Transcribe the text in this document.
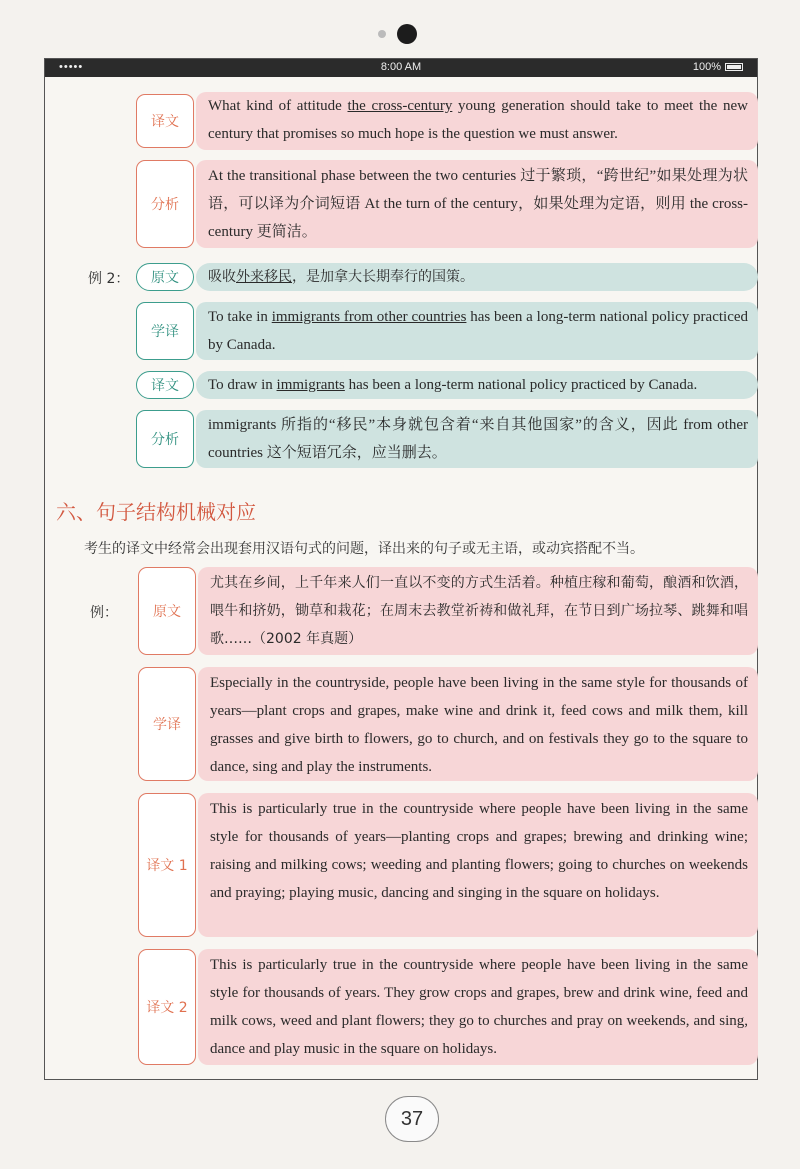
•••••	8:00 AM	100%
译文
What kind of attitude the cross-century young generation should take to meet the new century that promises so much hope is the question we must answer.
分析
At the transitional phase between the two centuries 过于繁琐，“跨世纪”如果处理为状语，可以译为介词短语 At the turn of the century，如果处理为定语，则用 the cross-century 更简洁。
例 2：	原文	吸收外来移民，是加拿大长期奉行的国策。
学译
To take in immigrants from other countries has been a long-term national policy practiced by Canada.
译文	To draw in immigrants has been a long-term national policy practiced by Canada.
分析
immigrants 所指的“移民”本身就包含着“来自其他国家”的含义，因此 from other countries 这个短语冗余，应当删去。
六、句子结构机械对应
考生的译文中经常会出现套用汉语句式的问题，译出来的句子或无主语，或动宾搭配不当。
例：	原文
尤其在乡间，上千年来人们一直以不变的方式生活着。种植庄稼和葡萄，酿酒和饮酒，喂牛和挤奶，锄草和栽花；在周末去教堂祈祷和做礼拜，在节日到广场拉琴、跳舞和唱歌……（2002 年真题）
学译
Especially in the countryside, people have been living in the same style for thousands of years—plant crops and grapes, make wine and drink it, feed cows and milk them, kill grasses and give birth to flowers, go to church, and on festivals they go to the square to dance, sing and play the instruments.
译文 1
This is particularly true in the countryside where people have been living in the same style for thousands of years—planting crops and grapes; brewing and drinking wine; raising and milking cows; weeding and planting flowers; going to churches on weekends and praying; playing music, dancing and singing in the square on holidays.
译文 2
This is particularly true in the countryside where people have been living in the same style for thousands of years. They grow crops and grapes, brew and drink wine, feed and milk cows, weed and plant flowers; they go to churches and pray on weekends, and sing, dance and play music in the square on holidays.
37
